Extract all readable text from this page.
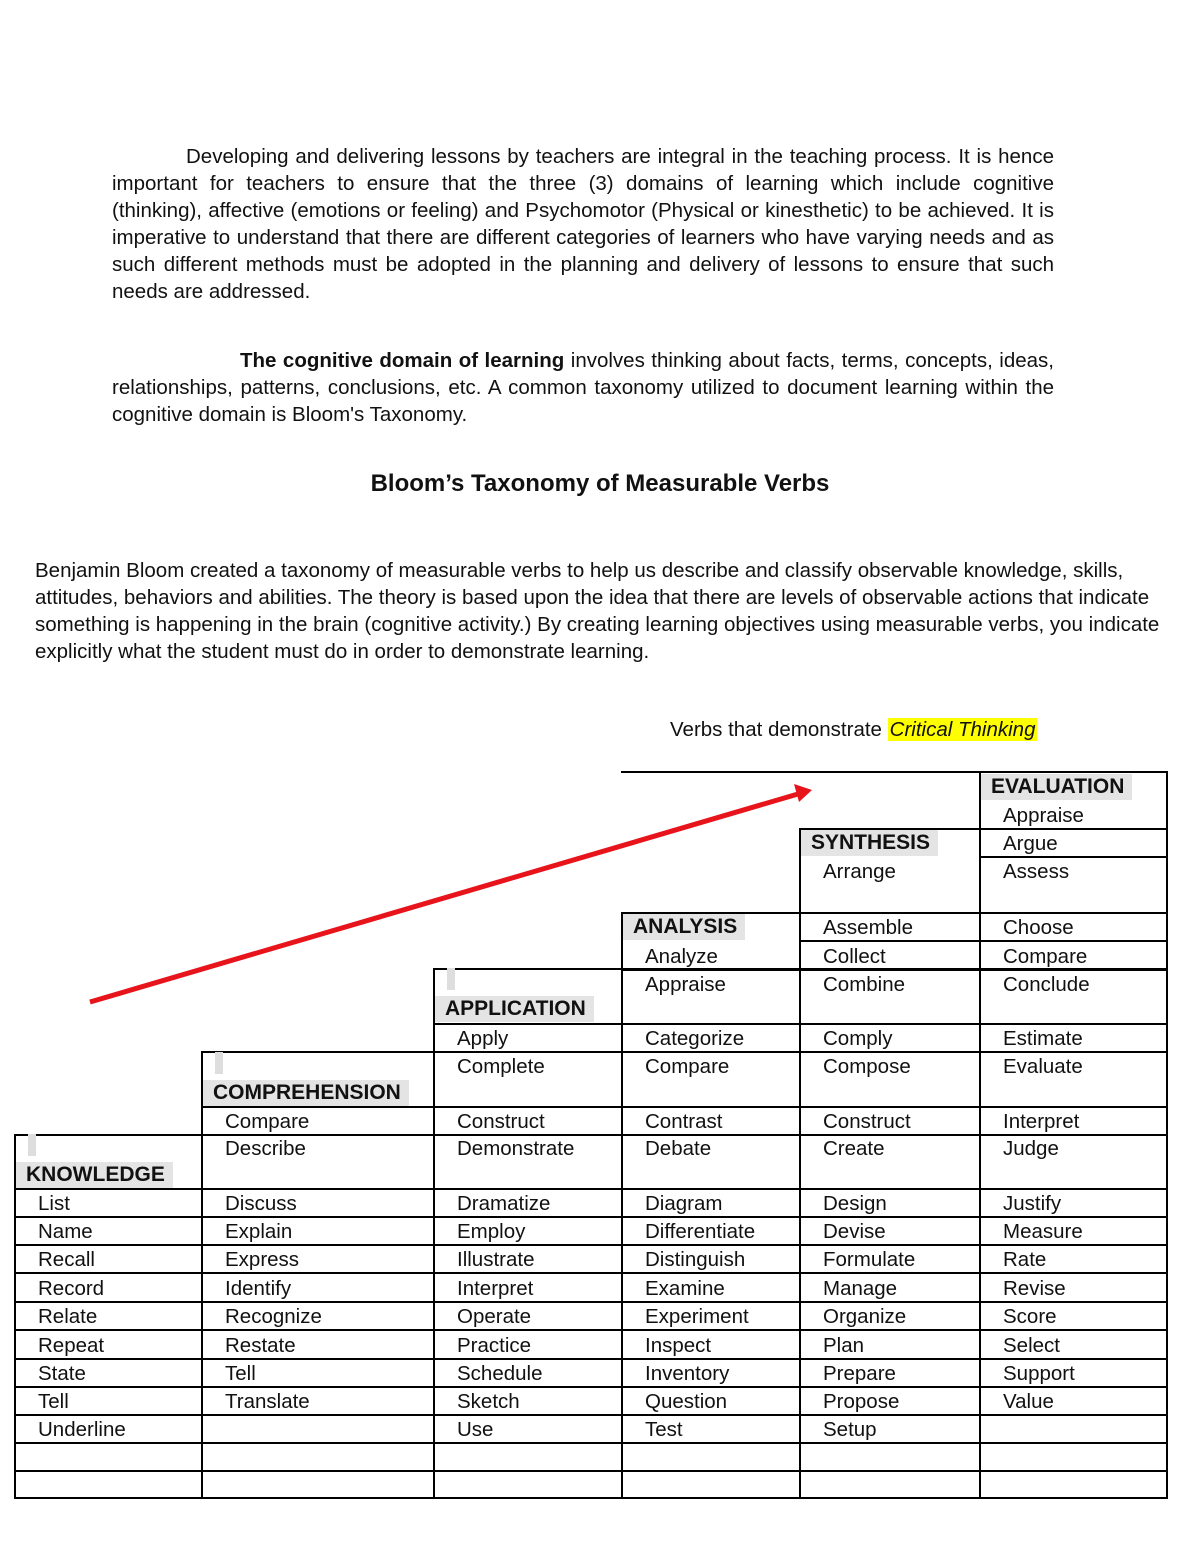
Developing and delivering lessons by teachers are integral in the teaching process. It is hence important for teachers to ensure that the three (3) domains of learning which include cognitive (thinking), affective (emotions or feeling) and Psychomotor (Physical or kinesthetic) to be achieved. It is imperative to understand that there are different categories of learners who have varying needs and as such different methods must be adopted in the planning and delivery of lessons to ensure that such needs are addressed.

The cognitive domain of learning involves thinking about facts, terms, concepts, ideas, relationships, patterns, conclusions, etc. A common taxonomy utilized to document learning within the cognitive domain is Bloom's Taxonomy.

Bloom’s Taxonomy of Measurable Verbs

Benjamin Bloom created a taxonomy of measurable verbs to help us describe and classify observable knowledge, skills, attitudes, behaviors and abilities. The theory is based upon the idea that there are levels of observable actions that indicate something is happening in the brain (cognitive activity.) By creating learning objectives using measurable verbs, you indicate explicitly what the student must do in order to demonstrate learning.

Verbs that demonstrate Critical Thinking
KNOWLEDGE
List
Name
Recall
Record
Relate
Repeat
State
Tell
Underline
COMPREHENSION
Compare
Describe
Discuss
Explain
Express
Identify
Recognize
Restate
Tell
Translate
APPLICATION
Apply
Complete
Construct
Demonstrate
Dramatize
Employ
Illustrate
Interpret
Operate
Practice
Schedule
Sketch
Use
ANALYSIS
Analyze
Appraise
Categorize
Compare
Contrast
Debate
Diagram
Differentiate
Distinguish
Examine
Experiment
Inspect
Inventory
Question
Test
SYNTHESIS
Arrange
Assemble
Collect
Combine
Comply
Compose
Construct
Create
Design
Devise
Formulate
Manage
Organize
Plan
Prepare
Propose
Setup
EVALUATION
Appraise
Argue
Assess
Choose
Compare
Conclude
Estimate
Evaluate
Interpret
Judge
Justify
Measure
Rate
Revise
Score
Select
Support
Value
